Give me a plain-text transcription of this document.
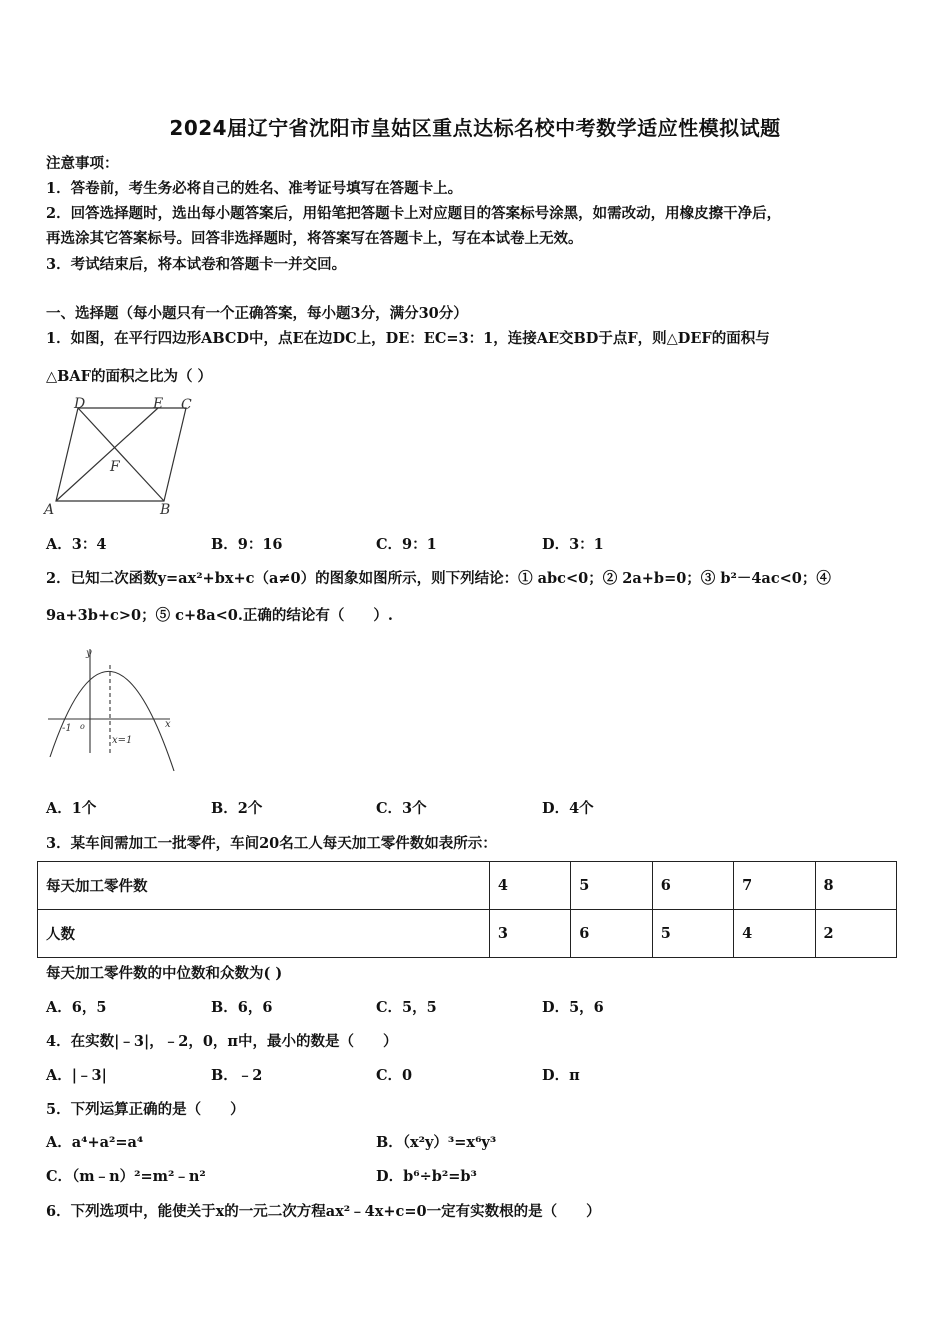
2024届辽宁省沈阳市皇姑区重点达标名校中考数学适应性模拟试题
注意事项：
1．答卷前，考生务必将自己的姓名、准考证号填写在答题卡上。
2．回答选择题时，选出每小题答案后，用铅笔把答题卡上对应题目的答案标号涂黑，如需改动，用橡皮擦干净后，
再选涂其它答案标号。回答非选择题时，将答案写在答题卡上，写在本试卷上无效。
3．考试结束后，将本试卷和答题卡一并交回。
一、选择题（每小题只有一个正确答案，每小题3分，满分30分）
1．如图，在平行四边形ABCD中，点E在边DC上，DE：EC=3：1，连接AE交BD于点F，则△DEF的面积与
△BAF的面积之比为（ ）
D	E C
F
A	B
A．3：4	B．9：16	C．9：1	D．3：1
2．已知二次函数y=ax²+bx+c（a≠0）的图象如图所示，则下列结论：① abc<0；② 2a+b=0；③ b²－4ac<0；④
9a+3b+c>0；⑤ c+8a<0.正确的结论有（　　）.
y
x
-1 o
x=1
A．1个	B．2个	C．3个	D．4个
3．某车间需加工一批零件，车间20名工人每天加工零件数如表所示：
每天加工零件数	4	5	6	7	8
人数	3	6	5	4	2
每天加工零件数的中位数和众数为( )
A．6，5	B．6，6	C．5，5	D．5，6
4．在实数|﹣3|，﹣2，0，π中，最小的数是（　　）
A．|﹣3|	B．﹣2	C．0	D．π
5．下列运算正确的是（　　）
A．a⁴+a²=a⁴	B．（x²y）³=x⁶y³
C．（m﹣n）²=m²﹣n²	D．b⁶÷b²=b³
6．下列选项中，能使关于x的一元二次方程ax²﹣4x+c=0一定有实数根的是（　　）
